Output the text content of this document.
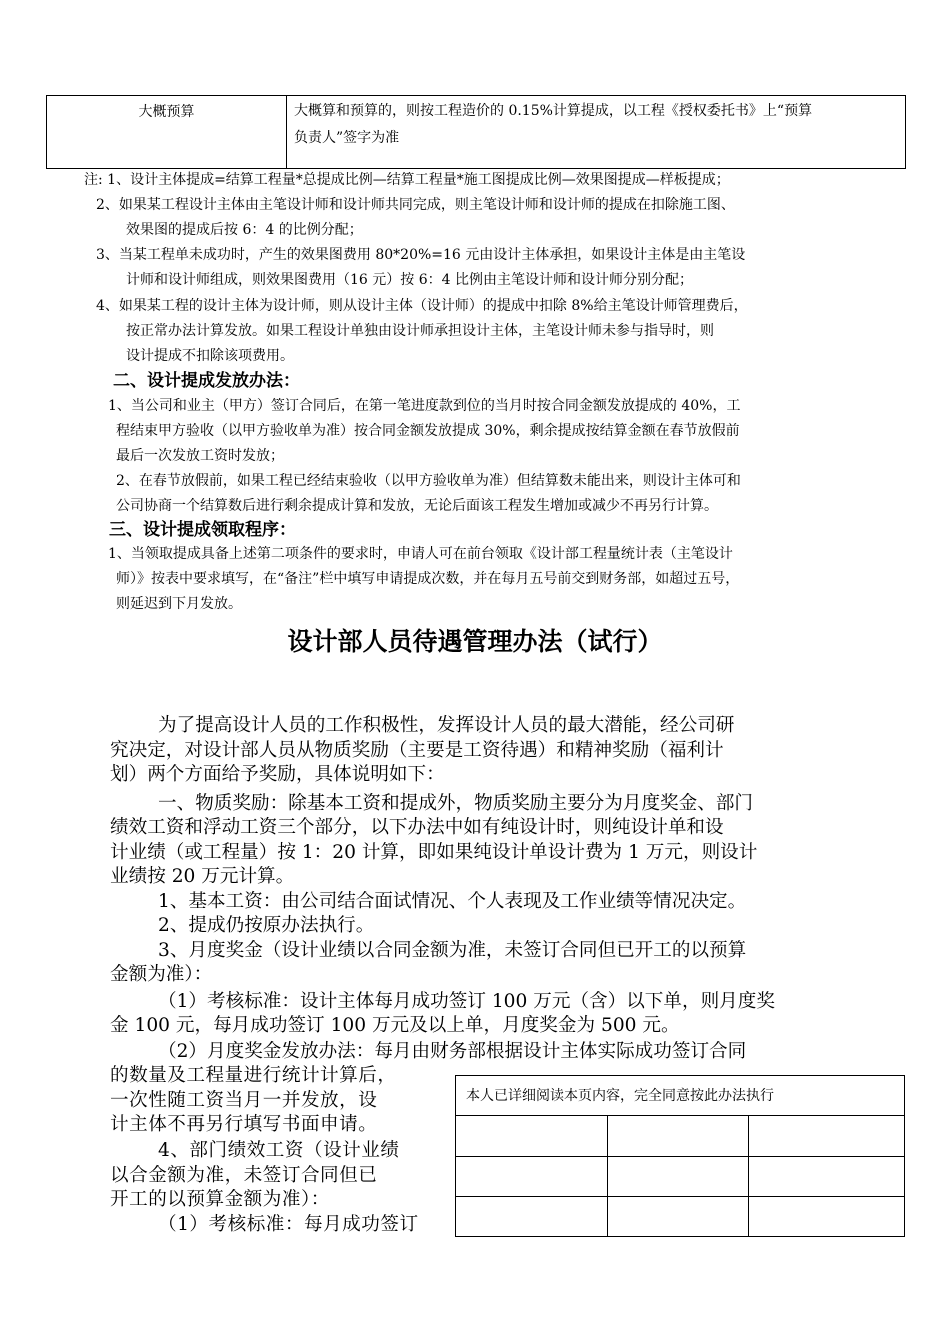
大概预算	大概算和预算的，则按工程造价的 0.15%计算提成，以工程《授权委托书》上“预算
负责人”签字为准
注: 1、设计主体提成=结算工程量*总提成比例—结算工程量*施工图提成比例—效果图提成—样板提成；
2、如果某工程设计主体由主笔设计师和设计师共同完成，则主笔设计师和设计师的提成在扣除施工图、
效果图的提成后按 6：4 的比例分配；
3、当某工程单未成功时，产生的效果图费用 80*20%=16 元由设计主体承担，如果设计主体是由主笔设
计师和设计师组成，则效果图费用（16 元）按 6：4 比例由主笔设计师和设计师分别分配；
4、如果某工程的设计主体为设计师，则从设计主体（设计师）的提成中扣除 8%给主笔设计师管理费后，
按正常办法计算发放。如果工程设计单独由设计师承担设计主体，主笔设计师未参与指导时，则
设计提成不扣除该项费用。
二、设计提成发放办法：
1、当公司和业主（甲方）签订合同后，在第一笔进度款到位的当月时按合同金额发放提成的 40%，工
程结束甲方验收（以甲方验收单为准）按合同金额发放提成 30%，剩余提成按结算金额在春节放假前
最后一次发放工资时发放；
2、在春节放假前，如果工程已经结束验收（以甲方验收单为准）但结算数未能出来，则设计主体可和
公司协商一个结算数后进行剩余提成计算和发放，无论后面该工程发生增加或减少不再另行计算。
三、设计提成领取程序：
1、当领取提成具备上述第二项条件的要求时，申请人可在前台领取《设计部工程量统计表（主笔设计
师）》按表中要求填写，在“备注”栏中填写申请提成次数，并在每月五号前交到财务部，如超过五号，
则延迟到下月发放。
设计部人员待遇管理办法（试行）
为了提高设计人员的工作积极性，发挥设计人员的最大潜能，经公司研
究决定，对设计部人员从物质奖励（主要是工资待遇）和精神奖励（福利计
划）两个方面给予奖励，具体说明如下：
一、物质奖励：除基本工资和提成外，物质奖励主要分为月度奖金、部门
绩效工资和浮动工资三个部分，以下办法中如有纯设计时，则纯设计单和设
计业绩（或工程量）按 1：20 计算，即如果纯设计单设计费为 1 万元，则设计
业绩按 20 万元计算。
1、基本工资：由公司结合面试情况、个人表现及工作业绩等情况决定。
2、提成仍按原办法执行。
3、月度奖金（设计业绩以合同金额为准，未签订合同但已开工的以预算
金额为准）：
（1）考核标准：设计主体每月成功签订 100 万元（含）以下单，则月度奖
金 100 元，每月成功签订 100 万元及以上单，月度奖金为 500 元。
（2）月度奖金发放办法：每月由财务部根据设计主体实际成功签订合同
的数量及工程量进行统计计算后，
一次性随工资当月一并发放，设
计主体不再另行填写书面申请。
4、部门绩效工资（设计业绩
以合金额为准，未签订合同但已
开工的以预算金额为准）：
（1）考核标准：每月成功签订
本人已详细阅读本页内容，完全同意按此办法执行
